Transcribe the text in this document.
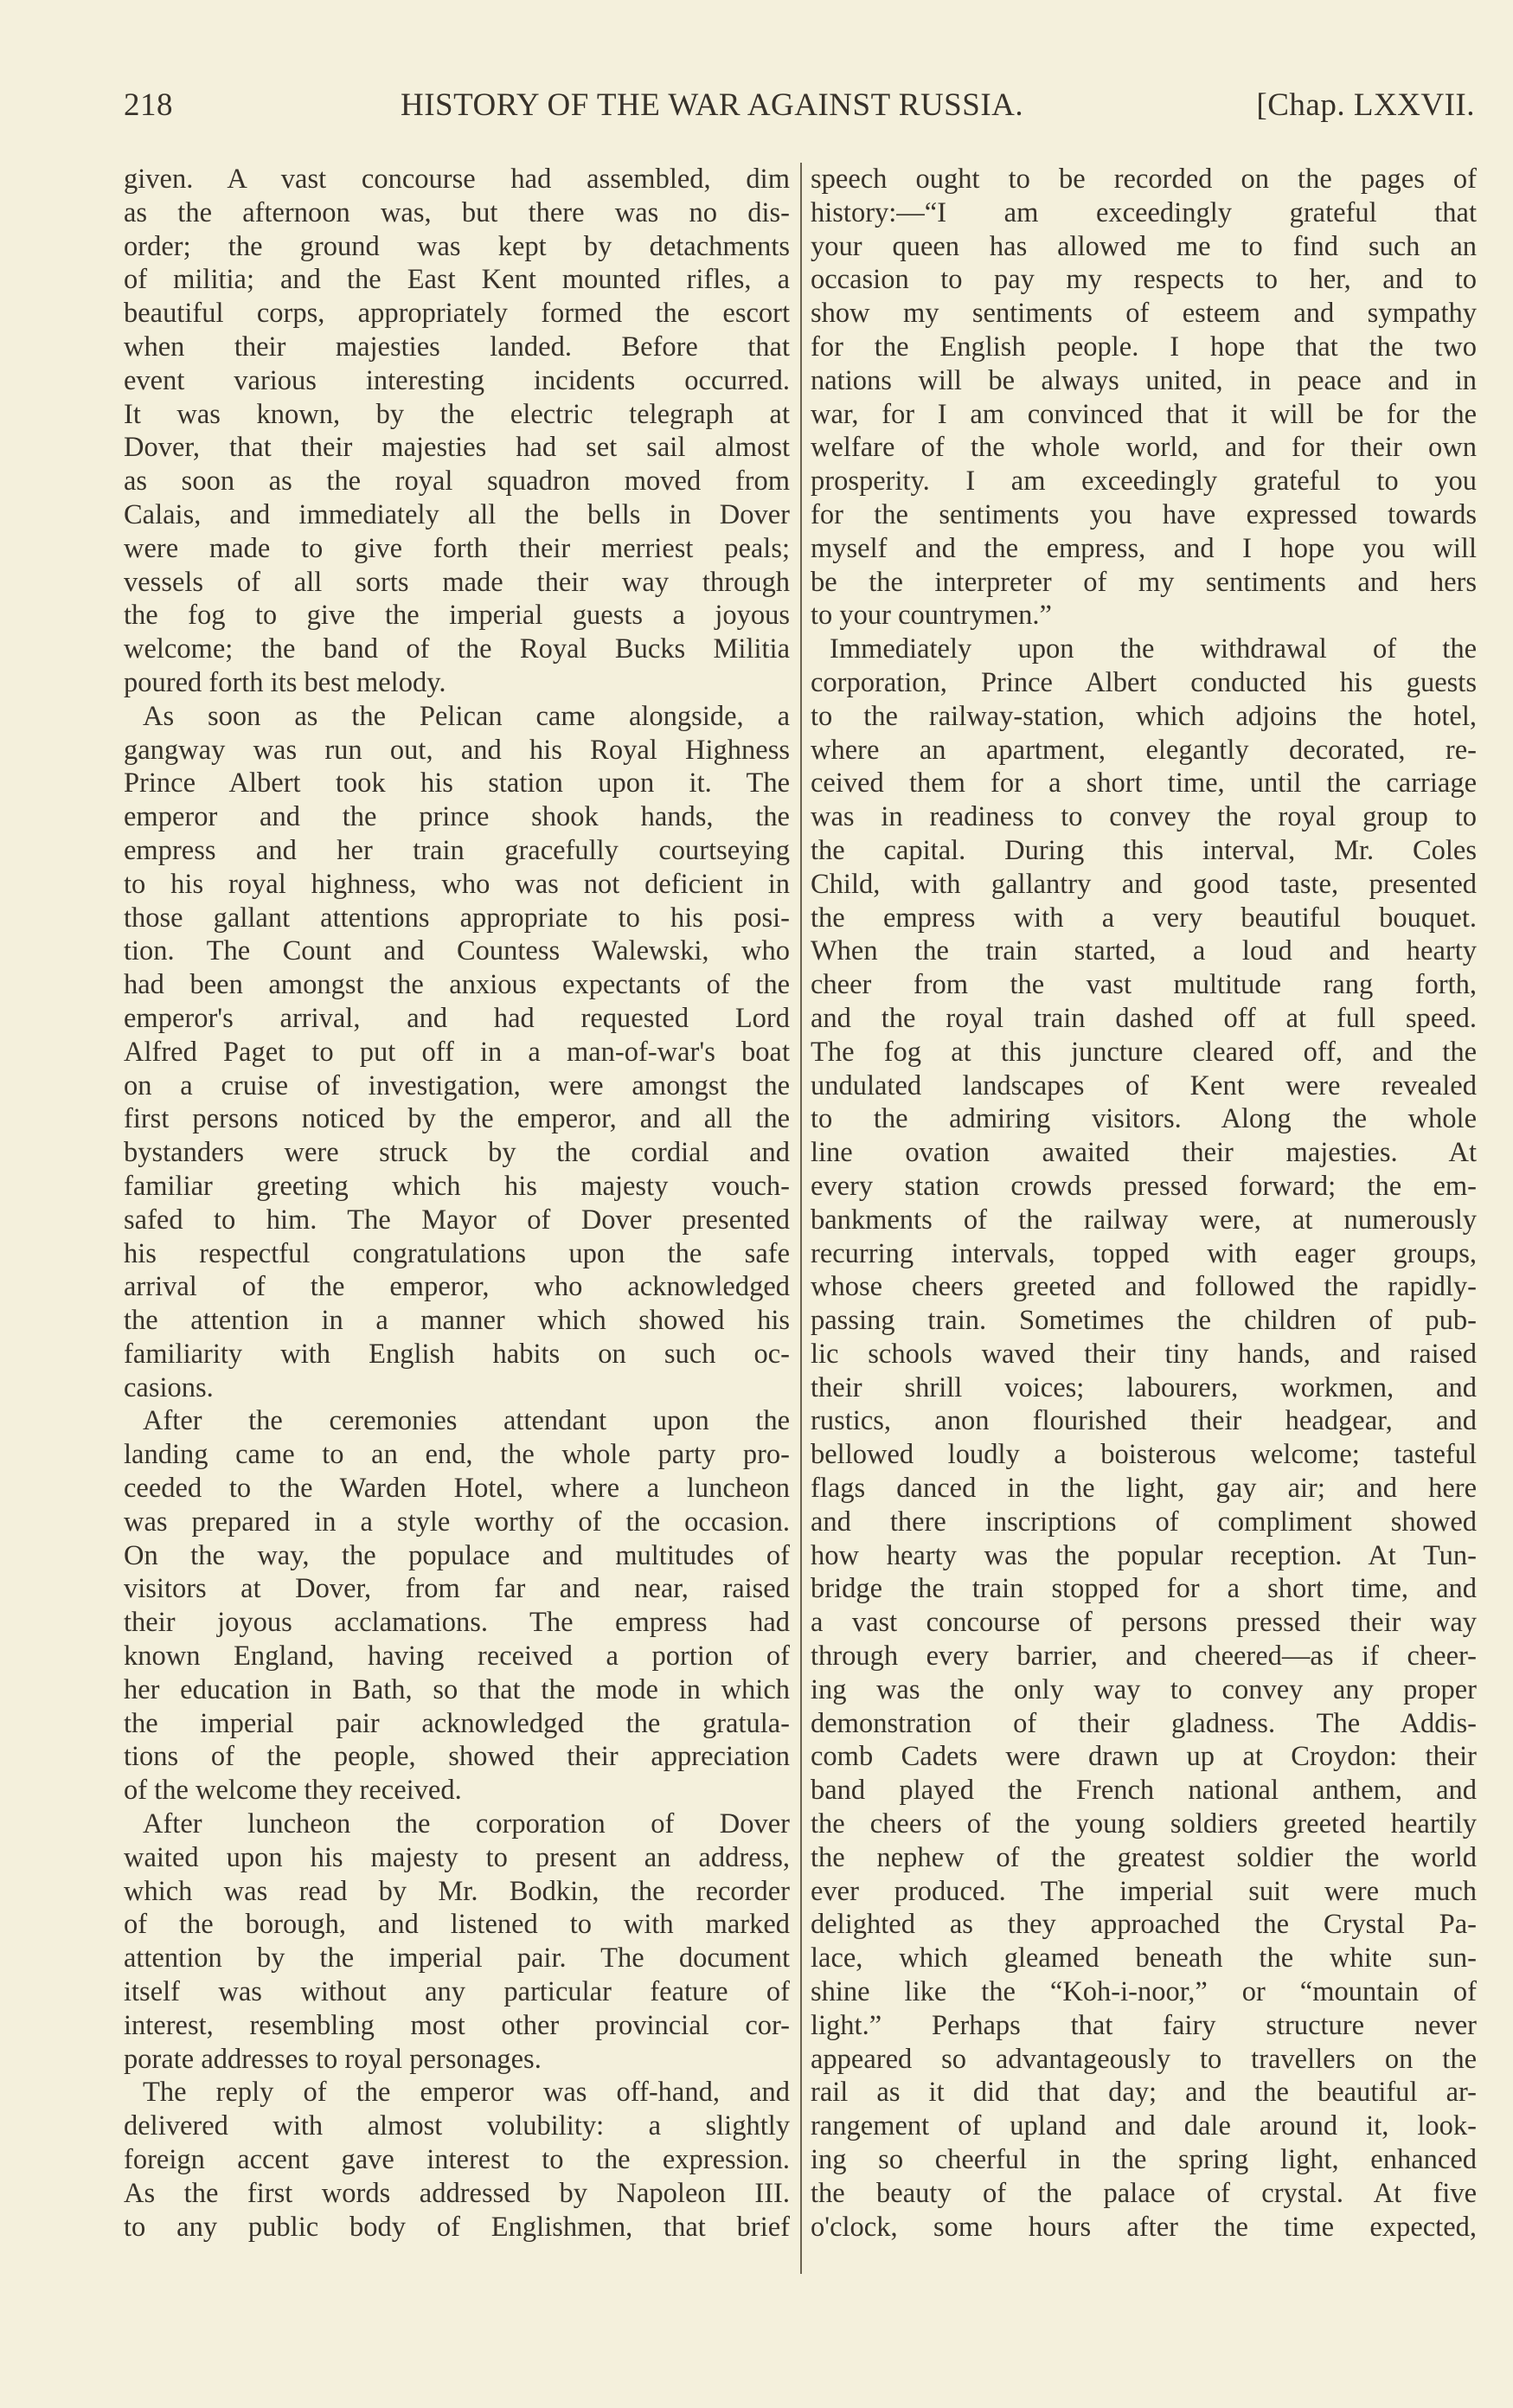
218	HISTORY OF THE WAR AGAINST RUSSIA.	[Chap. LXXVII.
given. A vast concourse had assembled, dim
as the afternoon was, but there was no dis-
order; the ground was kept by detachments
of militia; and the East Kent mounted rifles, a
beautiful corps, appropriately formed the escort
when their majesties landed. Before that
event various interesting incidents occurred.
It was known, by the electric telegraph at
Dover, that their majesties had set sail almost
as soon as the royal squadron moved from
Calais, and immediately all the bells in Dover
were made to give forth their merriest peals;
vessels of all sorts made their way through
the fog to give the imperial guests a joyous
welcome; the band of the Royal Bucks Militia
poured forth its best melody.
As soon as the Pelican came alongside, a
gangway was run out, and his Royal Highness
Prince Albert took his station upon it. The
emperor and the prince shook hands, the
empress and her train gracefully courtseying
to his royal highness, who was not deficient in
those gallant attentions appropriate to his posi-
tion. The Count and Countess Walewski, who
had been amongst the anxious expectants of the
emperor's arrival, and had requested Lord
Alfred Paget to put off in a man-of-war's boat
on a cruise of investigation, were amongst the
first persons noticed by the emperor, and all the
bystanders were struck by the cordial and
familiar greeting which his majesty vouch-
safed to him. The Mayor of Dover presented
his respectful congratulations upon the safe
arrival of the emperor, who acknowledged
the attention in a manner which showed his
familiarity with English habits on such oc-
casions.
After the ceremonies attendant upon the
landing came to an end, the whole party pro-
ceeded to the Warden Hotel, where a luncheon
was prepared in a style worthy of the occasion.
On the way, the populace and multitudes of
visitors at Dover, from far and near, raised
their joyous acclamations. The empress had
known England, having received a portion of
her education in Bath, so that the mode in which
the imperial pair acknowledged the gratula-
tions of the people, showed their appreciation
of the welcome they received.
After luncheon the corporation of Dover
waited upon his majesty to present an address,
which was read by Mr. Bodkin, the recorder
of the borough, and listened to with marked
attention by the imperial pair. The document
itself was without any particular feature of
interest, resembling most other provincial cor-
porate addresses to royal personages.
The reply of the emperor was off-hand, and
delivered with almost volubility: a slightly
foreign accent gave interest to the expression.
As the first words addressed by Napoleon III.
to any public body of Englishmen, that brief
speech ought to be recorded on the pages of
history:—“I am exceedingly grateful that
your queen has allowed me to find such an
occasion to pay my respects to her, and to
show my sentiments of esteem and sympathy
for the English people. I hope that the two
nations will be always united, in peace and in
war, for I am convinced that it will be for the
welfare of the whole world, and for their own
prosperity. I am exceedingly grateful to you
for the sentiments you have expressed towards
myself and the empress, and I hope you will
be the interpreter of my sentiments and hers
to your countrymen.”
Immediately upon the withdrawal of the
corporation, Prince Albert conducted his guests
to the railway-station, which adjoins the hotel,
where an apartment, elegantly decorated, re-
ceived them for a short time, until the carriage
was in readiness to convey the royal group to
the capital. During this interval, Mr. Coles
Child, with gallantry and good taste, presented
the empress with a very beautiful bouquet.
When the train started, a loud and hearty
cheer from the vast multitude rang forth,
and the royal train dashed off at full speed.
The fog at this juncture cleared off, and the
undulated landscapes of Kent were revealed
to the admiring visitors. Along the whole
line ovation awaited their majesties. At
every station crowds pressed forward; the em-
bankments of the railway were, at numerously
recurring intervals, topped with eager groups,
whose cheers greeted and followed the rapidly-
passing train. Sometimes the children of pub-
lic schools waved their tiny hands, and raised
their shrill voices; labourers, workmen, and
rustics, anon flourished their headgear, and
bellowed loudly a boisterous welcome; tasteful
flags danced in the light, gay air; and here
and there inscriptions of compliment showed
how hearty was the popular reception. At Tun-
bridge the train stopped for a short time, and
a vast concourse of persons pressed their way
through every barrier, and cheered—as if cheer-
ing was the only way to convey any proper
demonstration of their gladness. The Addis-
comb Cadets were drawn up at Croydon: their
band played the French national anthem, and
the cheers of the young soldiers greeted heartily
the nephew of the greatest soldier the world
ever produced. The imperial suit were much
delighted as they approached the Crystal Pa-
lace, which gleamed beneath the white sun-
shine like the “Koh-i-noor,” or “mountain of
light.” Perhaps that fairy structure never
appeared so advantageously to travellers on the
rail as it did that day; and the beautiful ar-
rangement of upland and dale around it, look-
ing so cheerful in the spring light, enhanced
the beauty of the palace of crystal. At five
o'clock, some hours after the time expected,
